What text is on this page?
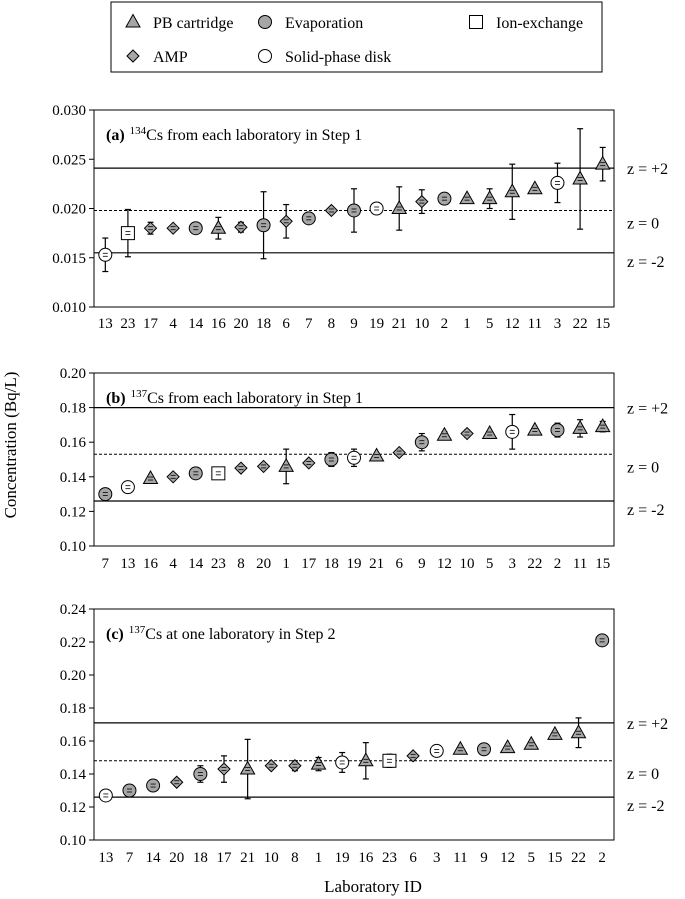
PB cartridge	Evaporation	Ion-exchange
AMP	Solid-phase disk
0.010
0.015
0.020
0.025
0.030
z = +2
z = 0
z = -2
(a) $^{134}$Cs from each laboratory in Step 1
13 23 17 4 14 16 20 18 6 7 8 9 19 21 10 2 1 5 12 11 3 22 15
0.10
0.12
0.14
0.16
0.18
0.20
z = +2
z = 0
z = -2
(b) $^{137}$Cs from each laboratory in Step 1
7 13 16 4 14 23 8 20 1 17 18 19 21 6 9 12 10 5 3 22 2 11 15
0.10
0.12
0.14
0.16
0.18
0.20
0.22
0.24
z = +2
z = 0
z = -2
(c) $^{137}$Cs at one laboratory in Step 2
13 7 14 20 18 17 21 10 8 1 19 16 23 6 3 11 9 12 5 15 22 2
Concentration (Bq/L)
Laboratory ID
